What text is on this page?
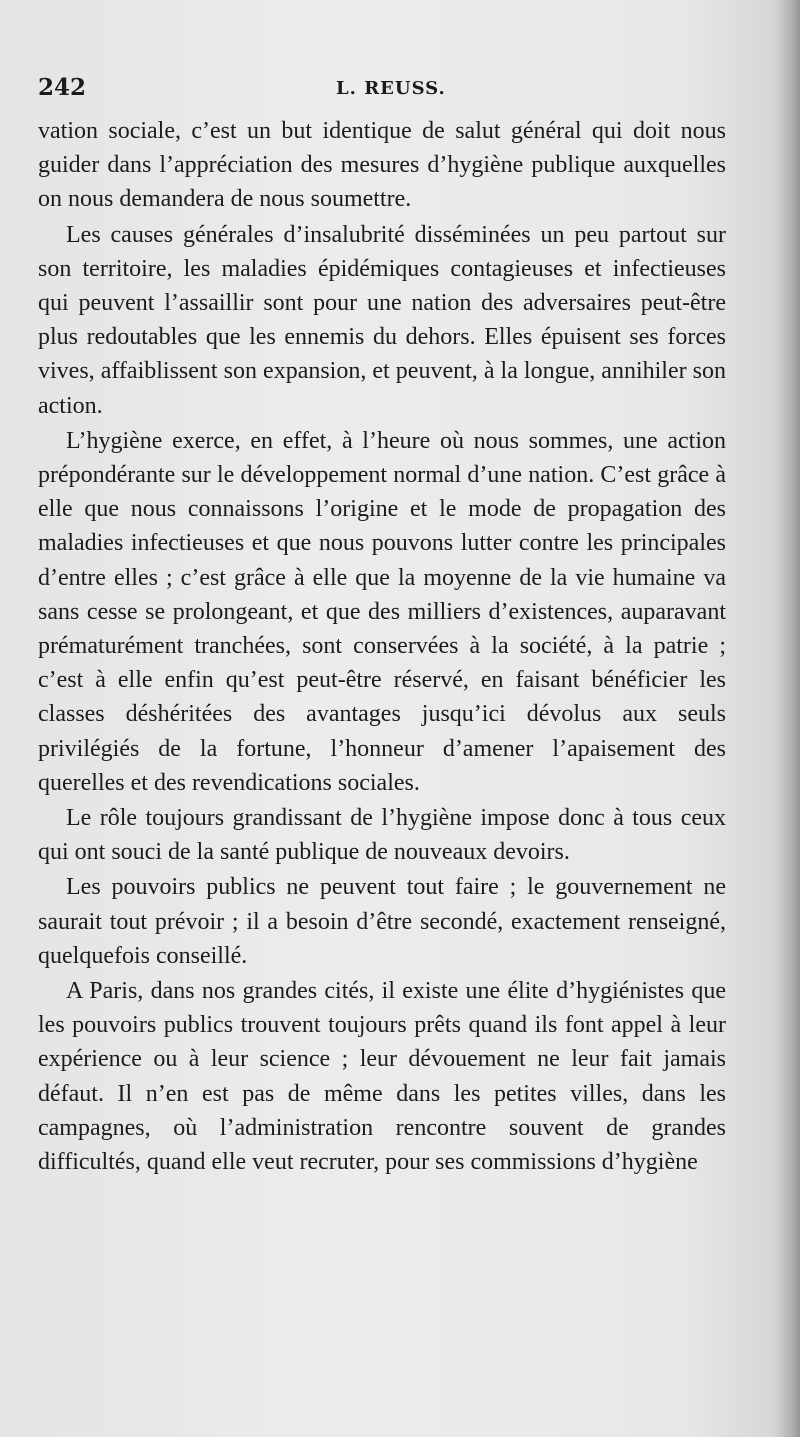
242	L. REUSS.

vation sociale, c’est un but identique de salut général qui doit nous guider dans l’appréciation des mesures d’hygiène publique auxquelles on nous demandera de nous soumettre.

Les causes générales d’insalubrité disséminées un peu partout sur son territoire, les maladies épidémiques contagieuses et infectieuses qui peuvent l’assaillir sont pour une nation des adversaires peut-être plus redoutables que les ennemis du dehors. Elles épuisent ses forces vives, affaiblissent son expansion, et peuvent, à la longue, annihiler son action.

L’hygiène exerce, en effet, à l’heure où nous sommes, une action prépondérante sur le développement normal d’une nation. C’est grâce à elle que nous connaissons l’origine et le mode de propagation des maladies infectieuses et que nous pouvons lutter contre les principales d’entre elles ; c’est grâce à elle que la moyenne de la vie humaine va sans cesse se prolongeant, et que des milliers d’existences, auparavant prématurément tranchées, sont conservées à la société, à la patrie ; c’est à elle enfin qu’est peut-être réservé, en faisant bénéficier les classes déshéritées des avantages jusqu’ici dévolus aux seuls privilégiés de la fortune, l’honneur d’amener l’apaisement des querelles et des revendications sociales.

Le rôle toujours grandissant de l’hygiène impose donc à tous ceux qui ont souci de la santé publique de nouveaux devoirs.

Les pouvoirs publics ne peuvent tout faire ; le gouvernement ne saurait tout prévoir ; il a besoin d’être secondé, exactement renseigné, quelquefois conseillé.

A Paris, dans nos grandes cités, il existe une élite d’hygiénistes que les pouvoirs publics trouvent toujours prêts quand ils font appel à leur expérience ou à leur science ; leur dévouement ne leur fait jamais défaut. Il n’en est pas de même dans les petites villes, dans les campagnes, où l’administration rencontre souvent de grandes difficultés, quand elle veut recruter, pour ses commissions d’hygiène
